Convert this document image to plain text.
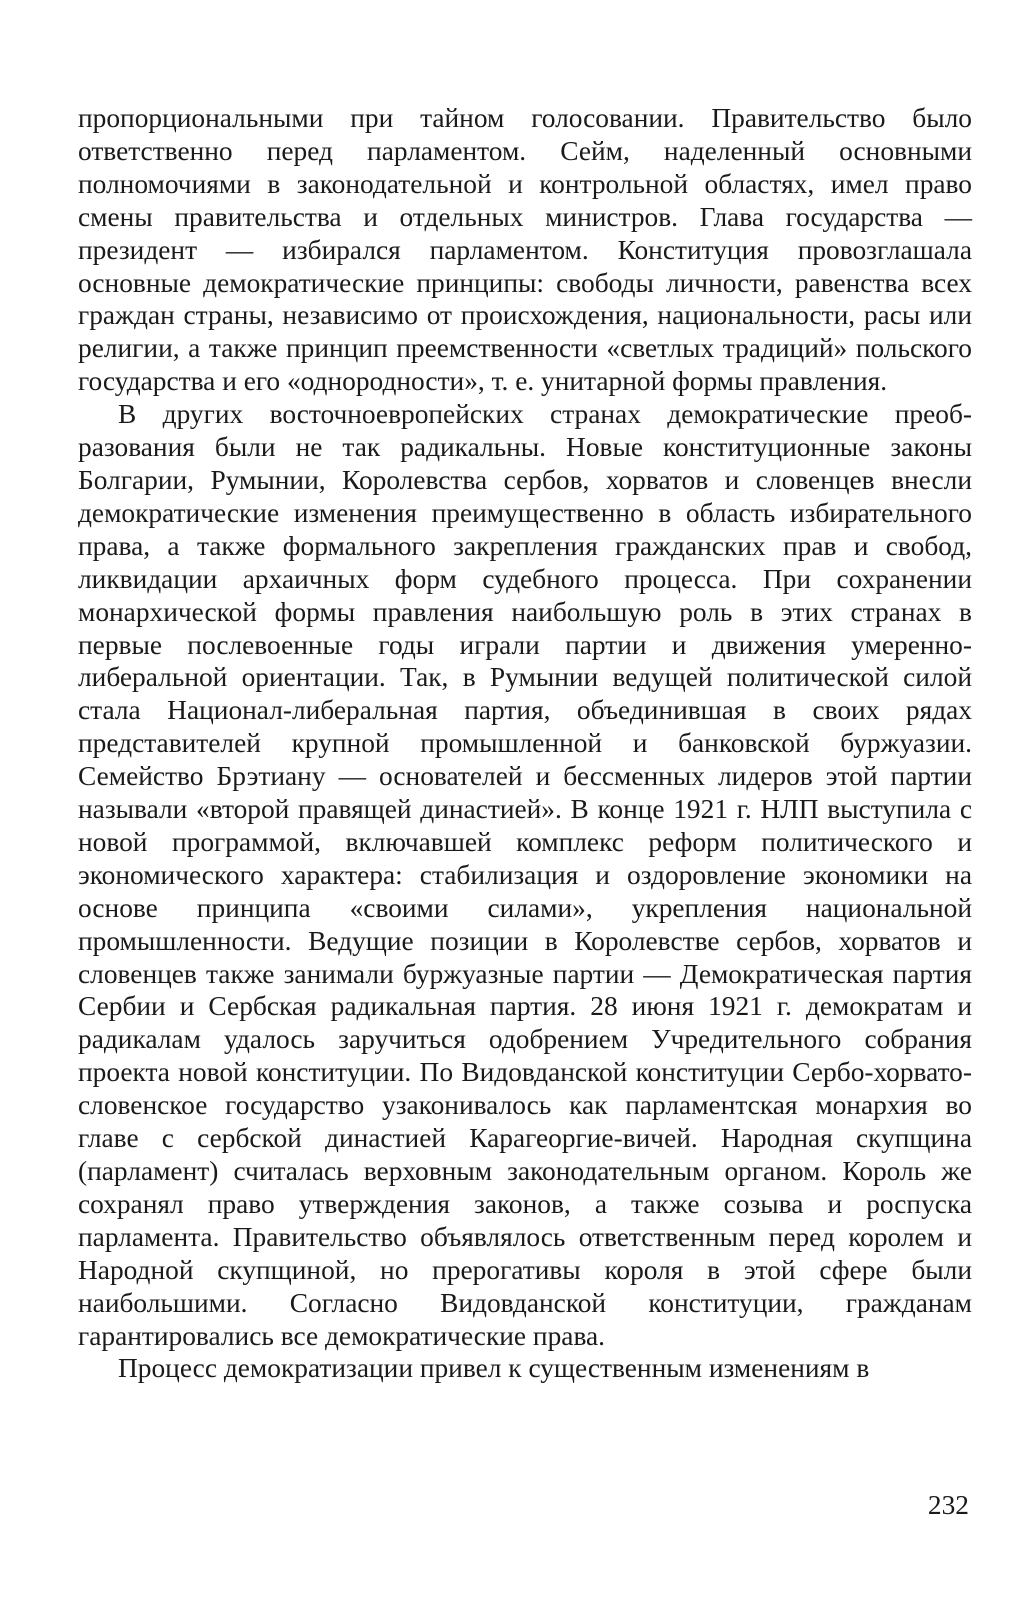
пропорциональными при тайном голосовании. Правительство было ответственно перед парламентом. Сейм, наделенный основными полномочиями в законодательной и контрольной областях, имел право смены правительства и отдельных министров. Глава государства — президент — избирался парламентом. Конституция провозглашала основные демократические принципы: свободы личности, равенства всех граждан страны, независимо от происхождения, национальности, расы или религии, а также принцип преемственности «светлых традиций» польского государства и его «однородности», т. е. унитарной формы правления.

В других восточноевропейских странах демократические преоб-разования были не так радикальны. Новые конституционные законы Болгарии, Румынии, Королевства сербов, хорватов и словенцев внесли демократические изменения преимущественно в область избирательного права, а также формального закрепления гражданских прав и свобод, ликвидации архаичных форм судебного процесса. При сохранении монархической формы правления наибольшую роль в этих странах в первые послевоенные годы играли партии и движения умеренно-либеральной ориентации. Так, в Румынии ведущей политической силой стала Национал-либеральная партия, объединившая в своих рядах представителей крупной промышленной и банковской буржуазии. Семейство Брэтиану — основателей и бессменных лидеров этой партии называли «второй правящей династией». В конце 1921 г. НЛП выступила с новой программой, включавшей комплекс реформ политического и экономического характера: стабилизация и оздоровление экономики на основе принципа «своими силами», укрепления национальной промышленности. Ведущие позиции в Королевстве сербов, хорватов и словенцев также занимали буржуазные партии — Демократическая партия Сербии и Сербская радикальная партия. 28 июня 1921 г. демократам и радикалам удалось заручиться одобрением Учредительного собрания проекта новой конституции. По Видовданской конституции Сербо-хорвато-словенское государство узаконивалось как парламентская монархия во главе с сербской династией Карагеоргие-вичей. Народная скупщина (парламент) считалась верховным законодательным органом. Король же сохранял право утверждения законов, а также созыва и роспуска парламента. Правительство объявлялось ответственным перед королем и Народной скупщиной, но прерогативы короля в этой сфере были наибольшими. Согласно Видовданской конституции, гражданам гарантировались все демократические права.

Процесс демократизации привел к существенным изменениям в

232
